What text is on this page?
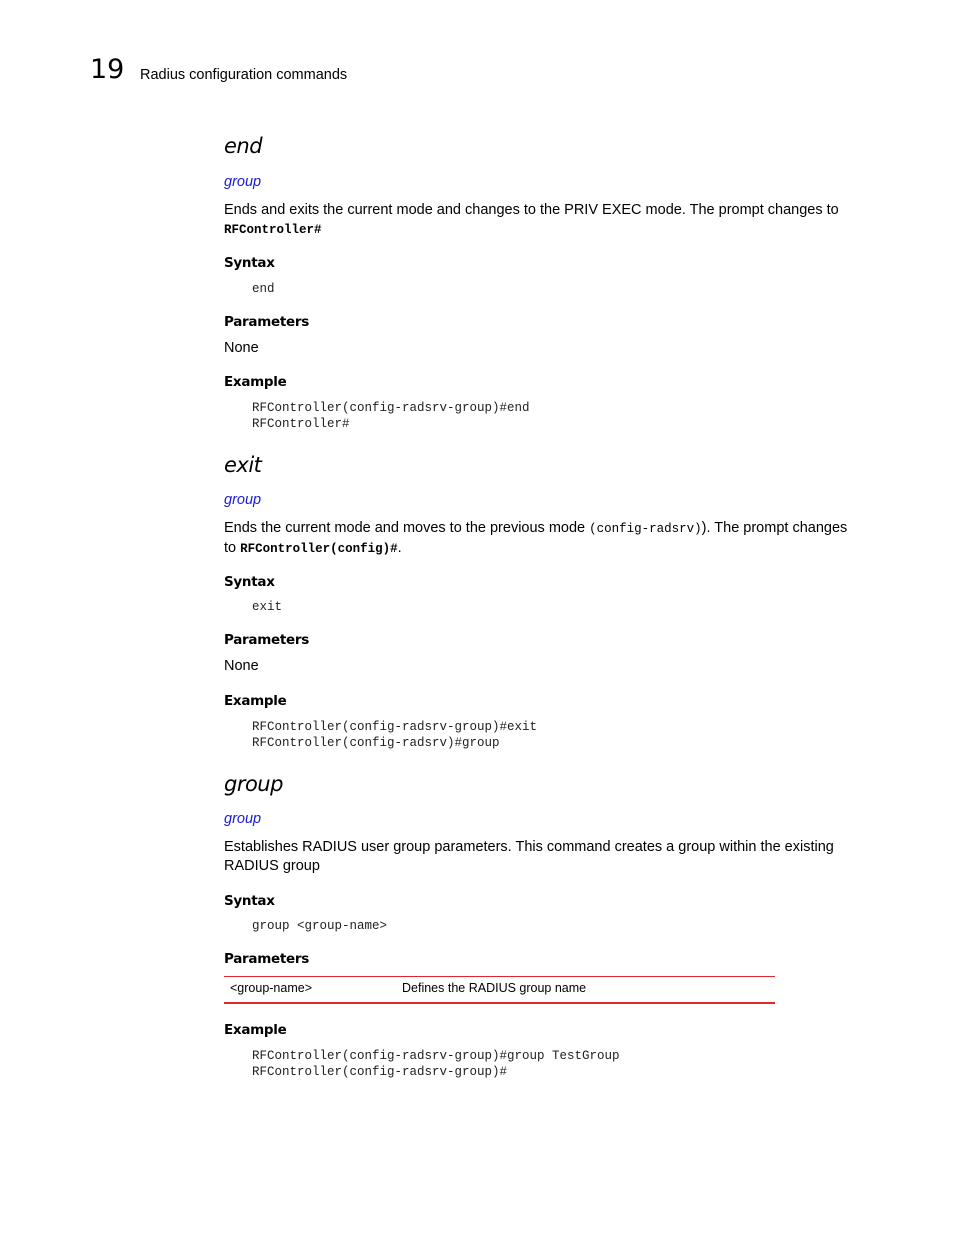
19 Radius configuration commands
end
group
Ends and exits the current mode and changes to the PRIV EXEC mode. The prompt changes to
RFController#
Syntax
end
Parameters
None
Example
RFController(config-radsrv-group)#end
RFController#
exit
group
Ends the current mode and moves to the previous mode (config-radsrv)). The prompt changes
to RFController(config)#.
Syntax
exit
Parameters
None
Example
RFController(config-radsrv-group)#exit
RFController(config-radsrv)#group
group
group
Establishes RADIUS user group parameters. This command creates a group within the existing
RADIUS group
Syntax
group <group-name>
Parameters
<group-name>	Defines the RADIUS group name
Example
RFController(config-radsrv-group)#group TestGroup
RFController(config-radsrv-group)#
